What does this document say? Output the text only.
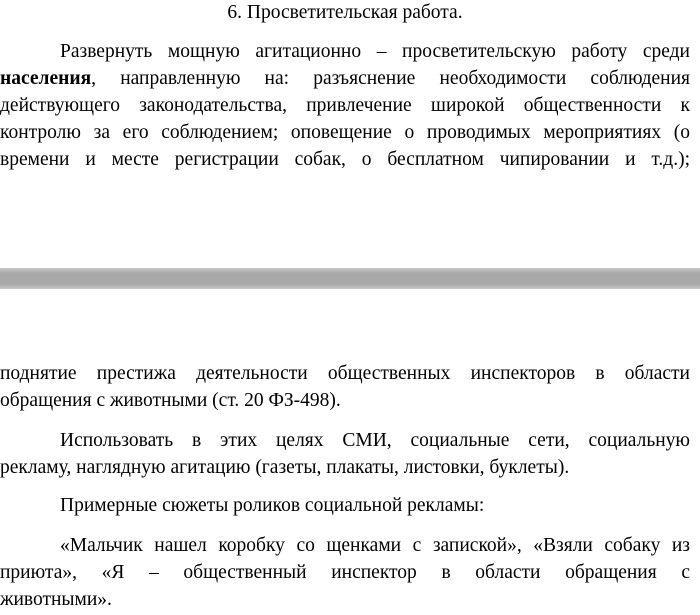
6. Просветительская работа.
Развернуть мощную агитационно – просветительскую работу среди
населения, направленную на: разъяснение необходимости соблюдения
действующего законодательства, привлечение широкой общественности к
контролю за его соблюдением; оповещение о проводимых мероприятиях (о
времени и месте регистрации собак, о бесплатном чипировании и т.д.);
поднятие престижа деятельности общественных инспекторов в области
обращения с животными (ст. 20 ФЗ-498).
Использовать в этих целях СМИ, социальные сети, социальную
рекламу, наглядную агитацию (газеты, плакаты, листовки, буклеты).
Примерные сюжеты роликов социальной рекламы:
«Мальчик нашел коробку со щенками с запиской», «Взяли собаку из
приюта», «Я – общественный инспектор в области обращения с
животными».
